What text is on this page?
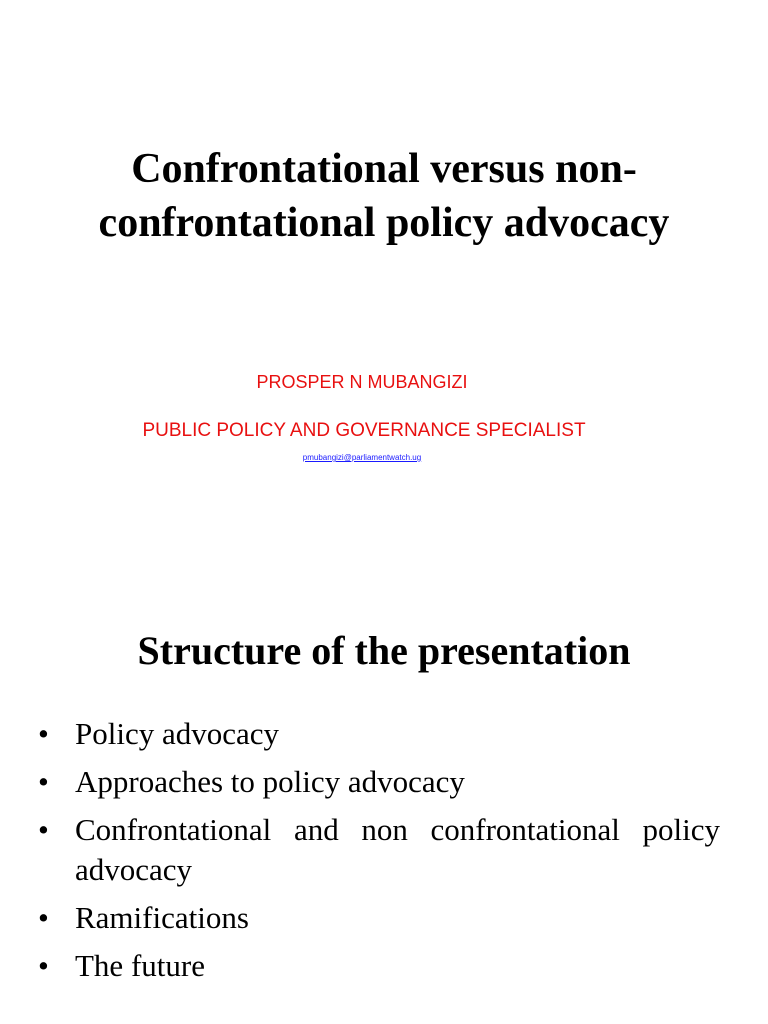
Confrontational versus non-
confrontational policy advocacy
PROSPER N MUBANGIZI
PUBLIC POLICY AND GOVERNANCE SPECIALIST
pmubangizi@parliamentwatch.ug
Structure of the presentation
• Policy advocacy
• Approaches to policy advocacy
• Confrontational and non confrontational policy advocacy
• Ramifications
• The future
